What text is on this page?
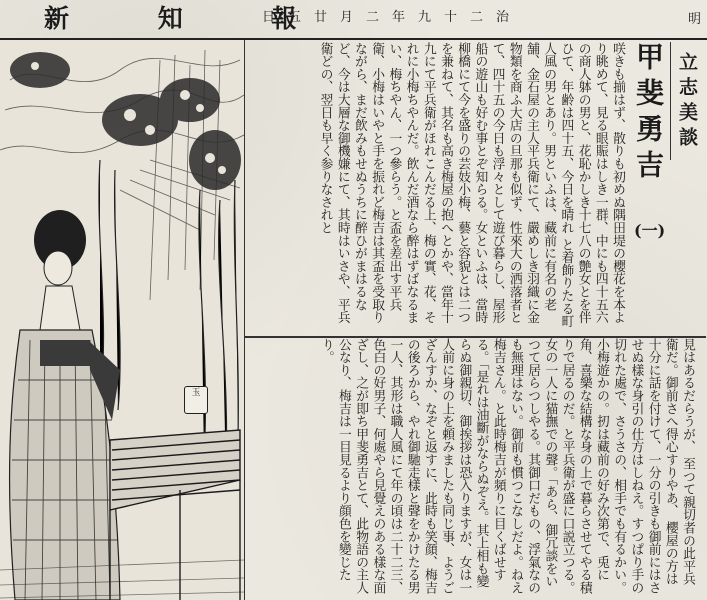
新 知 報
日五廿月二年九十二治	明
玉
立志美談
甲斐勇吉
(一)
咲きも揃はず、散りも初めぬ隅田堤の櫻花を本よ り眺めて、見る眼賑はしき一群、中にも四十五六の商人躰の男と、花恥かしき十七八の艶女とを伴ひて、年齢は四十五、今日を晴れ と着飾りたる町人風の男とあり。男といふは、藏前に有名の老舗、金石屋の主人平兵衛にて、嚴めしき羽織に金物類を商ふ大店の旦那も似ず、性來大の洒落者とて、四十五の今日も浮々として遊び暮らし、屋形船の遊山も好む事とぞ知らる。女といふは、當時柳橋にて今を盛りの芸妓小梅、藝と容貌とは二つを兼ねて、其名も高き梅屋の抱へとかや、當年十九にて平兵衛がほれこんだる上、梅の實、花、それに小梅ちやんだ。飲んだ酒なら醉はずばなるまい、梅ちやん、一つ參らう。と盃を差出す平兵衛、小梅はいやと手を振れど梅吉は其盃を受取りながら、まだ飲みもせぬうちに醉ひがまはるなど、今は大層な御機嫌にて、其時はいさや、平兵衛どの、翌日も早く参りなされと
見はあるだらうが、 至つて親切者の此平兵衛だ。御前さへ得心すりやあ、 櫻屋の方は十分に話を付けて、一分の引きも御前にはさせぬ樣な身引の仕方はしねえ。すつぱり手の切れた處で、さうさの、相手でも有るかい。小梅遊かの。扨は藏前の好み次第で、兎に角、喜樂な結構な身の上で暮らさせてやる積りで居るのだ。と平兵衛が盛に口説立つる。女の一人に猫撫での聲。「あら、御冗談をいつて居らつしやる。其御口だもの、浮氣なのも無理はない。御前も慣つこなしだよ。ねえ梅吉さん。と此時梅吉が頻りに目くばせする。「是れは油斷がならぬぞえ。其上相も變らぬ御親切、御挨拶は恐入りますが、女は一人前に身の上を頼みましたも同じ事、ようござんすか、なぞと返すに、此時も笑顔、梅吉の後ろから、やれ御馳走樣と聲をかけたる男一人、其形は職人風にて年の頃は二十二三、色白の好男子、何處やら見覺えのある樣な面ざし、之が即ち甲斐勇吉とて、此物語の主人公なり、梅吉は一目見るより顔色を變じたり。
